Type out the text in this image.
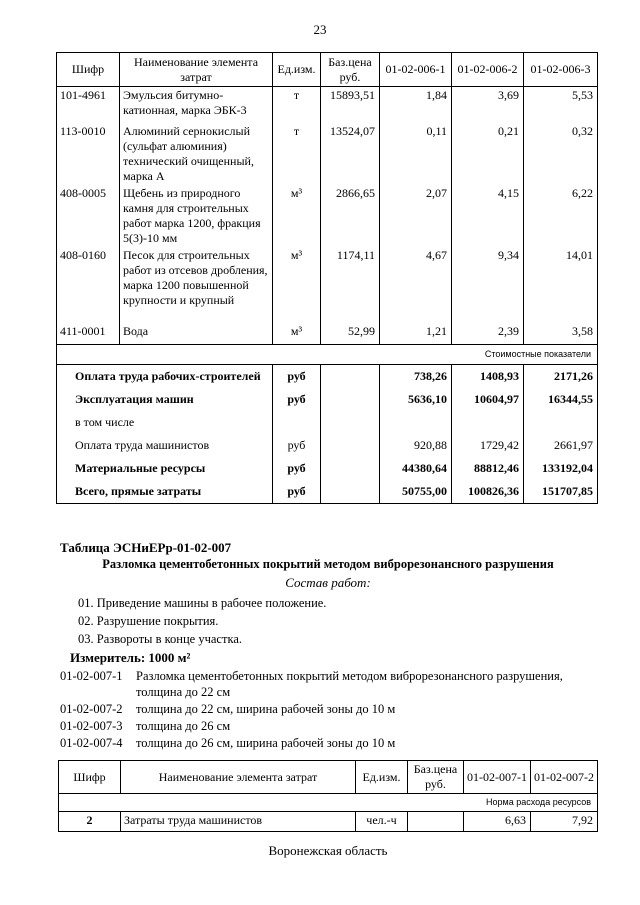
23
Шифр	Наименование элемента затрат	Ед.изм.	Баз.цена руб.	01-02-006-1	01-02-006-2	01-02-006-3
101-4961	Эмульсия битумно-катионная, марка ЭБК-3	т	15893,51	1,84	3,69	5,53
113-0010	Алюминий сернокислый (сульфат алюминия) технический очищенный, марка А	т	13524,07	0,11	0,21	0,32
408-0005	Щебень из природного камня для строительных работ марка 1200, фракция 5(3)-10 мм	м³	2866,65	2,07	4,15	6,22
408-0160	Песок для строительных работ из отсевов дробления, марка 1200 повышенной крупности и крупный	м³	1174,11	4,67	9,34	14,01
411-0001	Вода	м³	52,99	1,21	2,39	3,58
Стоимостные показатели						
Оплата труда рабочих-строителей		руб		738,26	1408,93	2171,26
Эксплуатация машин		руб		5636,10	10604,97	16344,55
в том числе						
Оплата труда машинистов		руб		920,88	1729,42	2661,97
Материальные ресурсы		руб		44380,64	88812,46	133192,04
Всего, прямые затраты		руб		50755,00	100826,36	151707,85
Таблица ЭСНиЕРр-01-02-007
Разломка цементобетонных покрытий методом виброрезонансного разрушения
Состав работ:
01. Приведение машины в рабочее положение.
02. Разрушение покрытия.
03. Развороты в конце участка.
Измеритель: 1000 м²
01-02-007-1 Разломка цементобетонных покрытий методом виброрезонансного разрушения,
толщина до 22 см
01-02-007-2 толщина до 22 см, ширина рабочей зоны до 10 м
01-02-007-3 толщина до 26 см
01-02-007-4 толщина до 26 см, ширина рабочей зоны до 10 м
Шифр	Наименование элемента затрат	Ед.изм.	Баз.цена руб.	01-02-007-1	01-02-007-2
Норма расхода ресурсов					
2	Затраты труда машинистов	чел.-ч		6,63	7,92
Воронежская область
